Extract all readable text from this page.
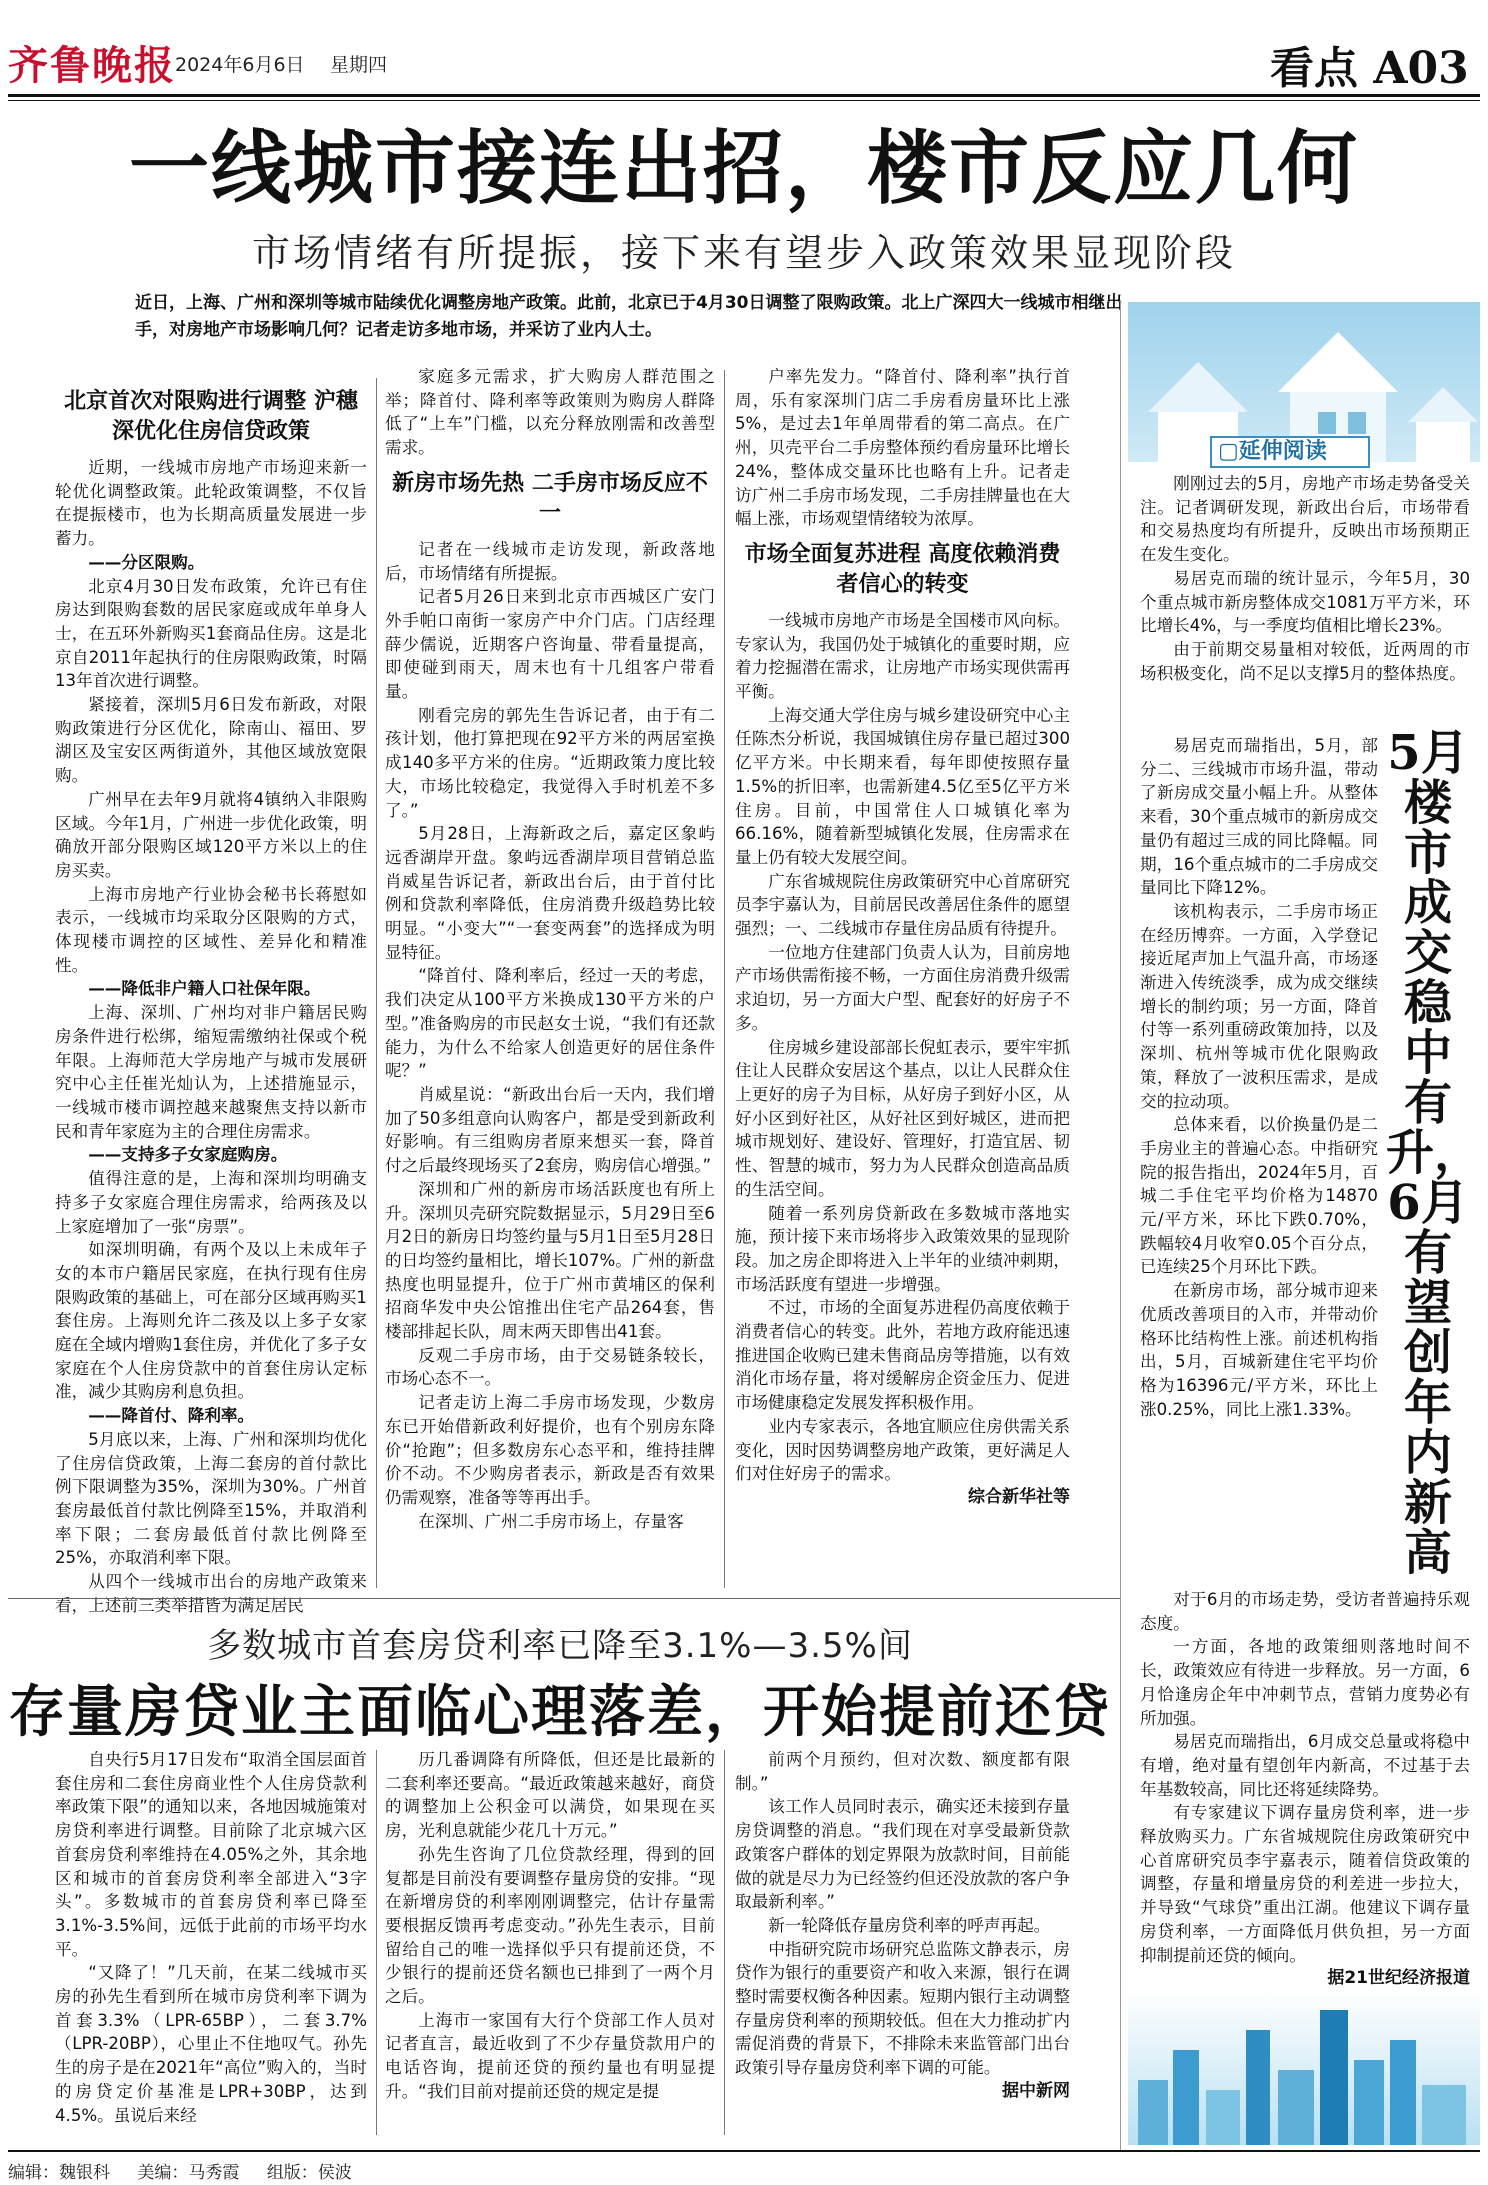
齐鲁晚报 2024年6月6日 星期四	看点 A03
一线城市接连出招，楼市反应几何
市场情绪有所提振，接下来有望步入政策效果显现阶段
近日，上海、广州和深圳等城市陆续优化调整房地产政策。此前，北京已于4月30日调整了限购政策。北上广深四大一线城市相继出手，对房地产市场影响几何？记者走访多地市场，并采访了业内人士。
北京首次对限购进行调整 沪穗深优化住房信贷政策

近期，一线城市房地产市场迎来新一轮优化调整政策。此轮政策调整，不仅旨在提振楼市，也为长期高质量发展进一步蓄力。

——分区限购。

北京4月30日发布政策，允许已有住房达到限购套数的居民家庭或成年单身人士，在五环外新购买1套商品住房。这是北京自2011年起执行的住房限购政策，时隔13年首次进行调整。

紧接着，深圳5月6日发布新政，对限购政策进行分区优化，除南山、福田、罗湖区及宝安区两街道外，其他区域放宽限购。

广州早在去年9月就将4镇纳入非限购区域。今年1月，广州进一步优化政策，明确放开部分限购区域120平方米以上的住房买卖。

上海市房地产行业协会秘书长蒋慰如表示，一线城市均采取分区限购的方式，体现楼市调控的区域性、差异化和精准性。

——降低非户籍人口社保年限。

上海、深圳、广州均对非户籍居民购房条件进行松绑，缩短需缴纳社保或个税年限。上海师范大学房地产与城市发展研究中心主任崔光灿认为，上述措施显示，一线城市楼市调控越来越聚焦支持以新市民和青年家庭为主的合理住房需求。

——支持多子女家庭购房。

值得注意的是，上海和深圳均明确支持多子女家庭合理住房需求，给两孩及以上家庭增加了一张“房票”。

如深圳明确，有两个及以上未成年子女的本市户籍居民家庭，在执行现有住房限购政策的基础上，可在部分区域再购买1套住房。上海则允许二孩及以上多子女家庭在全域内增购1套住房，并优化了多子女家庭在个人住房贷款中的首套住房认定标准，减少其购房利息负担。

——降首付、降利率。

5月底以来，上海、广州和深圳均优化了住房信贷政策，上海二套房的首付款比例下限调整为35%，深圳为30%。广州首套房最低首付款比例降至15%，并取消利率下限；二套房最低首付款比例降至25%，亦取消利率下限。

从四个一线城市出台的房地产政策来看，上述前三类举措皆为满足居民

家庭多元需求，扩大购房人群范围之举；降首付、降利率等政策则为购房人群降低了“上车”门槛，以充分释放刚需和改善型需求。

新房市场先热 二手房市场反应不一

记者在一线城市走访发现，新政落地后，市场情绪有所提振。

记者5月26日来到北京市西城区广安门外手帕口南街一家房产中介门店。门店经理薛少儒说，近期客户咨询量、带看量提高，即使碰到雨天，周末也有十几组客户带看量。

刚看完房的郭先生告诉记者，由于有二孩计划，他打算把现在92平方米的两居室换成140多平方米的住房。“近期政策力度比较大，市场比较稳定，我觉得入手时机差不多了。”

5月28日，上海新政之后，嘉定区象屿远香湖岸开盘。象屿远香湖岸项目营销总监肖威星告诉记者，新政出台后，由于首付比例和贷款利率降低，住房消费升级趋势比较明显。“小变大”“一套变两套”的选择成为明显特征。

“降首付、降利率后，经过一天的考虑，我们决定从100平方米换成130平方米的户型。”准备购房的市民赵女士说，“我们有还款能力，为什么不给家人创造更好的居住条件呢？”

肖威星说：“新政出台后一天内，我们增加了50多组意向认购客户，都是受到新政利好影响。有三组购房者原来想买一套，降首付之后最终现场买了2套房，购房信心增强。”

深圳和广州的新房市场活跃度也有所上升。深圳贝壳研究院数据显示，5月29日至6月2日的新房日均签约量与5月1日至5月28日的日均签约量相比，增长107%。广州的新盘热度也明显提升，位于广州市黄埔区的保利招商华发中央公馆推出住宅产品264套，售楼部排起长队，周末两天即售出41套。

反观二手房市场，由于交易链条较长，市场心态不一。

记者走访上海二手房市场发现，少数房东已开始借新政利好提价，也有个别房东降价“抢跑”；但多数房东心态平和，维持挂牌价不动。不少购房者表示，新政是否有效果仍需观察，准备等等再出手。

在深圳、广州二手房市场上，存量客

户率先发力。“降首付、降利率”执行首周，乐有家深圳门店二手房看房量环比上涨5%，是过去1年单周带看的第二高点。在广州，贝壳平台二手房整体预约看房量环比增长24%，整体成交量环比也略有上升。记者走访广州二手房市场发现，二手房挂牌量也在大幅上涨，市场观望情绪较为浓厚。

市场全面复苏进程 高度依赖消费者信心的转变

一线城市房地产市场是全国楼市风向标。专家认为，我国仍处于城镇化的重要时期，应着力挖掘潜在需求，让房地产市场实现供需再平衡。

上海交通大学住房与城乡建设研究中心主任陈杰分析说，我国城镇住房存量已超过300亿平方米。中长期来看，每年即使按照存量1.5%的折旧率，也需新建4.5亿至5亿平方米住房。目前，中国常住人口城镇化率为66.16%，随着新型城镇化发展，住房需求在量上仍有较大发展空间。

广东省城规院住房政策研究中心首席研究员李宇嘉认为，目前居民改善居住条件的愿望强烈；一、二线城市存量住房品质有待提升。

一位地方住建部门负责人认为，目前房地产市场供需衔接不畅，一方面住房消费升级需求迫切，另一方面大户型、配套好的好房子不多。

住房城乡建设部部长倪虹表示，要牢牢抓住让人民群众安居这个基点，以让人民群众住上更好的房子为目标，从好房子到好小区，从好小区到好社区，从好社区到好城区，进而把城市规划好、建设好、管理好，打造宜居、韧性、智慧的城市，努力为人民群众创造高品质的生活空间。

随着一系列房贷新政在多数城市落地实施，预计接下来市场将步入政策效果的显现阶段。加之房企即将进入上半年的业绩冲刺期，市场活跃度有望进一步增强。

不过，市场的全面复苏进程仍高度依赖于消费者信心的转变。此外，若地方政府能迅速推进国企收购已建未售商品房等措施，以有效消化市场存量，将对缓解房企资金压力、促进市场健康稳定发展发挥积极作用。

业内专家表示，各地宜顺应住房供需关系变化，因时因势调整房地产政策，更好满足人们对住好房子的需求。

综合新华社等
▢延伸阅读

刚刚过去的5月，房地产市场走势备受关注。记者调研发现，新政出台后，市场带看和交易热度均有所提升，反映出市场预期正在发生变化。

易居克而瑞的统计显示，今年5月，30个重点城市新房整体成交1081万平方米，环比增长4%，与一季度均值相比增长23%。

由于前期交易量相对较低，近两周的市场积极变化，尚不足以支撑5月的整体热度。

易居克而瑞指出，5月，部分二、三线城市市场升温，带动了新房成交量小幅上升。从整体来看，30个重点城市的新房成交量仍有超过三成的同比降幅。同期，16个重点城市的二手房成交量同比下降12%。

该机构表示，二手房市场正在经历博弈。一方面，入学登记接近尾声加上气温升高，市场逐渐进入传统淡季，成为成交继续增长的制约项；另一方面，降首付等一系列重磅政策加持，以及深圳、杭州等城市优化限购政策，释放了一波积压需求，是成交的拉动项。

总体来看，以价换量仍是二手房业主的普遍心态。中指研究院的报告指出，2024年5月，百城二手住宅平均价格为14870元/平方米，环比下跌0.70%，跌幅较4月收窄0.05个百分点，已连续25个月环比下跌。

在新房市场，部分城市迎来优质改善项目的入市，并带动价格环比结构性上涨。前述机构指出，5月，百城新建住宅平均价格为16396元/平方米，环比上涨0.25%，同比上涨1.33%。

5月楼市成交稳中有升，6月有望创年内新高

对于6月的市场走势，受访者普遍持乐观态度。

一方面，各地的政策细则落地时间不长，政策效应有待进一步释放。另一方面，6月恰逢房企年中冲刺节点，营销力度势必有所加强。

易居克而瑞指出，6月成交总量或将稳中有增，绝对量有望创年内新高，不过基于去年基数较高，同比还将延续降势。

有专家建议下调存量房贷利率，进一步释放购买力。广东省城规院住房政策研究中心首席研究员李宇嘉表示，随着信贷政策的调整，存量和增量房贷的利差进一步拉大，并导致“气球贷”重出江湖。他建议下调存量房贷利率，一方面降低月供负担，另一方面抑制提前还贷的倾向。

据21世纪经济报道
多数城市首套房贷利率已降至3.1%—3.5%间
存量房贷业主面临心理落差，开始提前还贷

自央行5月17日发布“取消全国层面首套住房和二套住房商业性个人住房贷款利率政策下限”的通知以来，各地因城施策对房贷利率进行调整。目前除了北京城六区首套房贷利率维持在4.05%之外，其余地区和城市的首套房贷利率全部进入“3字头”。多数城市的首套房贷利率已降至3.1%-3.5%间，远低于此前的市场平均水平。

“又降了！”几天前，在某二线城市买房的孙先生看到所在城市房贷利率下调为首套3.3%（LPR-65BP），二套3.7%（LPR-20BP），心里止不住地叹气。孙先生的房子是在2021年“高位”购入的，当时的房贷定价基准是LPR+30BP，达到4.5%。虽说后来经

历几番调降有所降低，但还是比最新的二套利率还要高。“最近政策越来越好，商贷的调整加上公积金可以满贷，如果现在买房，光利息就能少花几十万元。”

孙先生咨询了几位贷款经理，得到的回复都是目前没有要调整存量房贷的安排。“现在新增房贷的利率刚刚调整完，估计存量需要根据反馈再考虑变动。”孙先生表示，目前留给自己的唯一选择似乎只有提前还贷，不少银行的提前还贷名额也已排到了一两个月之后。

上海市一家国有大行个贷部工作人员对记者直言，最近收到了不少存量贷款用户的电话咨询，提前还贷的预约量也有明显提升。“我们目前对提前还贷的规定是提

前两个月预约，但对次数、额度都有限制。”

该工作人员同时表示，确实还未接到存量房贷调整的消息。“我们现在对享受最新贷款政策客户群体的划定界限为放款时间，目前能做的就是尽力为已经签约但还没放款的客户争取最新利率。”

新一轮降低存量房贷利率的呼声再起。

中指研究院市场研究总监陈文静表示，房贷作为银行的重要资产和收入来源，银行在调整时需要权衡各种因素。短期内银行主动调整存量房贷利率的预期较低。但在大力推动扩内需促消费的背景下，不排除未来监管部门出台政策引导存量房贷利率下调的可能。

据中新网
编辑：魏银科 美编：马秀霞 组版：侯波
